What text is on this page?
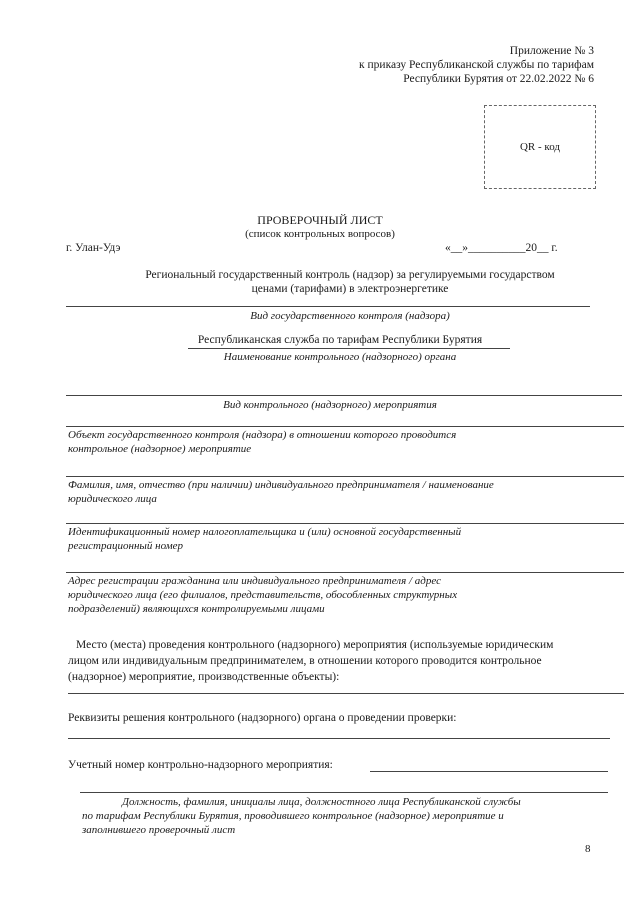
Приложение № 3
к приказу Республиканской службы по тарифам
Республики Бурятия от 22.02.2022 № 6
QR - код
ПРОВЕРОЧНЫЙ ЛИСТ
(список контрольных вопросов)
г. Улан-Удэ	«__»__________20__ г.
Региональный государственный контроль (надзор) за регулируемыми государством
ценами (тарифами) в электроэнергетике
Вид государственного контроля (надзора)
Республиканская служба по тарифам Республики Бурятия
Наименование контрольного (надзорного) органа
Вид контрольного (надзорного) мероприятия
Объект государственного контроля (надзора) в отношении которого проводится
контрольное (надзорное) мероприятие
Фамилия, имя, отчество (при наличии) индивидуального предпринимателя / наименование
юридического лица
Идентификационный номер налогоплательщика и (или) основной государственный
регистрационный номер
Адрес регистрации гражданина или индивидуального предпринимателя / адрес
юридического лица (его филиалов, представительств, обособленных структурных
подразделений) являющихся контролируемыми лицами
Место (места) проведения контрольного (надзорного) мероприятия (используемые юридическим
лицом или индивидуальным предпринимателем, в отношении которого проводится контрольное
(надзорное) мероприятие, производственные объекты):
Реквизиты решения контрольного (надзорного) органа о проведении проверки:
Учетный номер контрольно-надзорного мероприятия:
Должность, фамилия, инициалы лица, должностного лица Республиканской службы
по тарифам Республики Бурятия, проводившего контрольное (надзорное) мероприятие и
заполнившего проверочный лист
8
